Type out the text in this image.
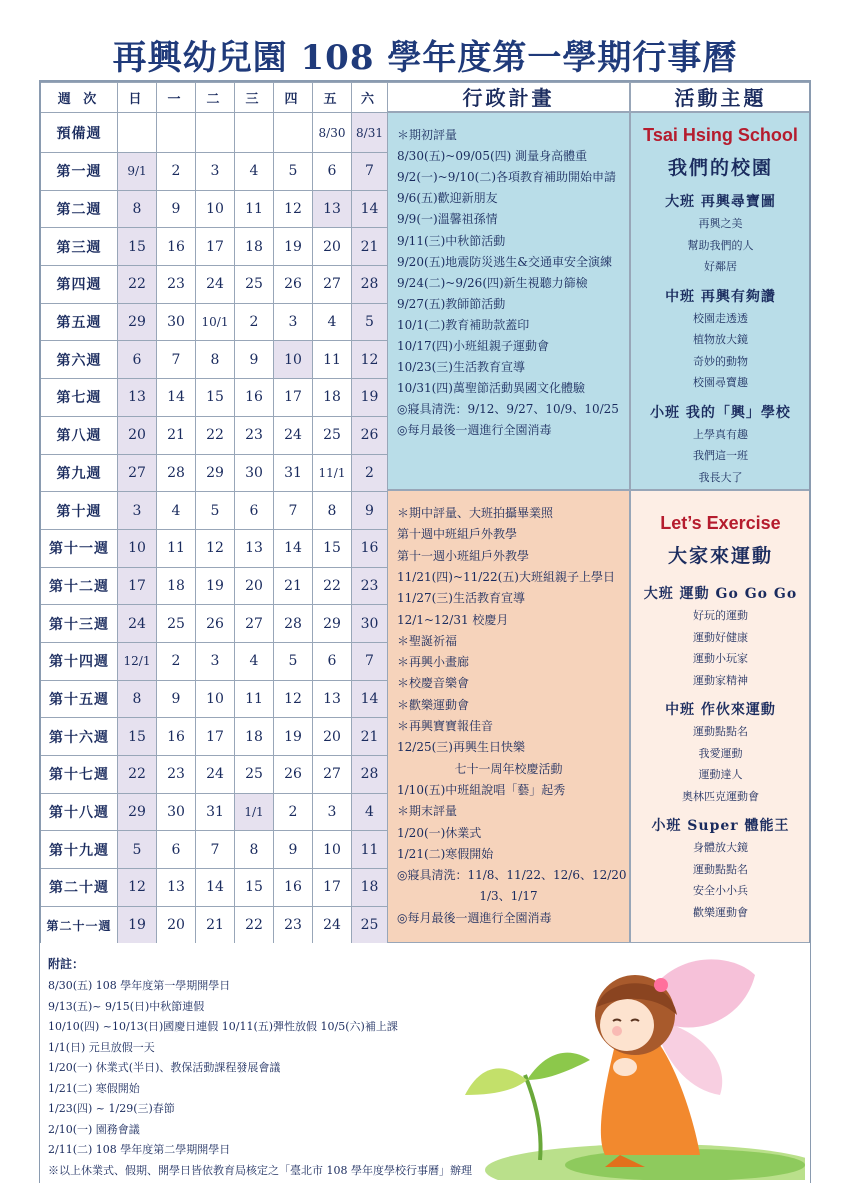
再興幼兒園 108 學年度第一學期行事曆
週 次	日	一	二	三	四	五	六
預備週						8/30	8/31
第一週	9/1	2	3	4	5	6	7
第二週	8	9	10	11	12	13	14
第三週	15	16	17	18	19	20	21
第四週	22	23	24	25	26	27	28
第五週	29	30	10/1	2	3	4	5
第六週	6	7	8	9	10	11	12
第七週	13	14	15	16	17	18	19
第八週	20	21	22	23	24	25	26
第九週	27	28	29	30	31	11/1	2
第十週	3	4	5	6	7	8	9
第十一週	10	11	12	13	14	15	16
第十二週	17	18	19	20	21	22	23
第十三週	24	25	26	27	28	29	30
第十四週	12/1	2	3	4	5	6	7
第十五週	8	9	10	11	12	13	14
第十六週	15	16	17	18	19	20	21
第十七週	22	23	24	25	26	27	28
第十八週	29	30	31	1/1	2	3	4
第十九週	5	6	7	8	9	10	11
第二十週	12	13	14	15	16	17	18
第二十一週	19	20	21	22	23	24	25
行政計畫	活動主題
＊期初評量
8/30(五)~09/05(四) 測量身高體重
9/2(一)~9/10(二)各項教育補助開始申請
9/6(五)歡迎新朋友
9/9(一)溫馨祖孫情
9/11(三)中秋節活動
9/20(五)地震防災逃生&交通車安全演練
9/24(二)~9/26(四)新生視聽力篩檢
9/27(五)教師節活動
10/1(二)教育補助款蓋印
10/17(四)小班組親子運動會
10/23(三)生活教育宣導
10/31(四)萬聖節活動異國文化體驗
◎寢具清洗：9/12、9/27、10/9、10/25
◎每月最後一週進行全園消毒
＊期中評量、大班拍攝畢業照
第十週中班組戶外教學
第十一週小班組戶外教學
11/21(四)~11/22(五)大班組親子上學日
11/27(三)生活教育宣導
12/1~12/31 校慶月
＊聖誕祈福
＊再興小畫廊
＊校慶音樂會
＊歡樂運動會
＊再興寶寶報佳音
12/25(三)再興生日快樂
七十一周年校慶活動
1/10(五)中班組說唱「藝」起秀
＊期末評量
1/20(一)休業式
1/21(二)寒假開始
◎寢具清洗：11/8、11/22、12/6、12/20
1/3、1/17
◎每月最後一週進行全園消毒
Tsai Hsing School
我們的校園
大班 再興尋寶圖
再興之美
幫助我們的人
好鄰居
中班 再興有夠讚
校園走透透
植物放大鏡
奇妙的動物
校園尋寶趣
小班 我的「興」學校
上學真有趣
我們這一班
我長大了
Let’s Exercise
大家來運動
大班 運動 Go Go Go
好玩的運動
運動好健康
運動小玩家
運動家精神
中班 作伙來運動
運動點點名
我愛運動
運動達人
奧林匹克運動會
小班 Super 體能王
身體放大鏡
運動點點名
安全小小兵
歡樂運動會
附註：
8/30(五) 108 學年度第一學期開學日
9/13(五)~ 9/15(日)中秋節連假
10/10(四) ~10/13(日)國慶日連假 10/11(五)彈性放假 10/5(六)補上課
1/1(日) 元旦放假一天
1/20(一) 休業式(半日)、教保活動課程發展會議
1/21(二) 寒假開始
1/23(四) ~ 1/29(三)春節
2/10(一) 園務會議
2/11(二) 108 學年度第二學期開學日
※以上休業式、假期、開學日皆依教育局核定之「臺北市 108 學年度學校行事曆」辦理
